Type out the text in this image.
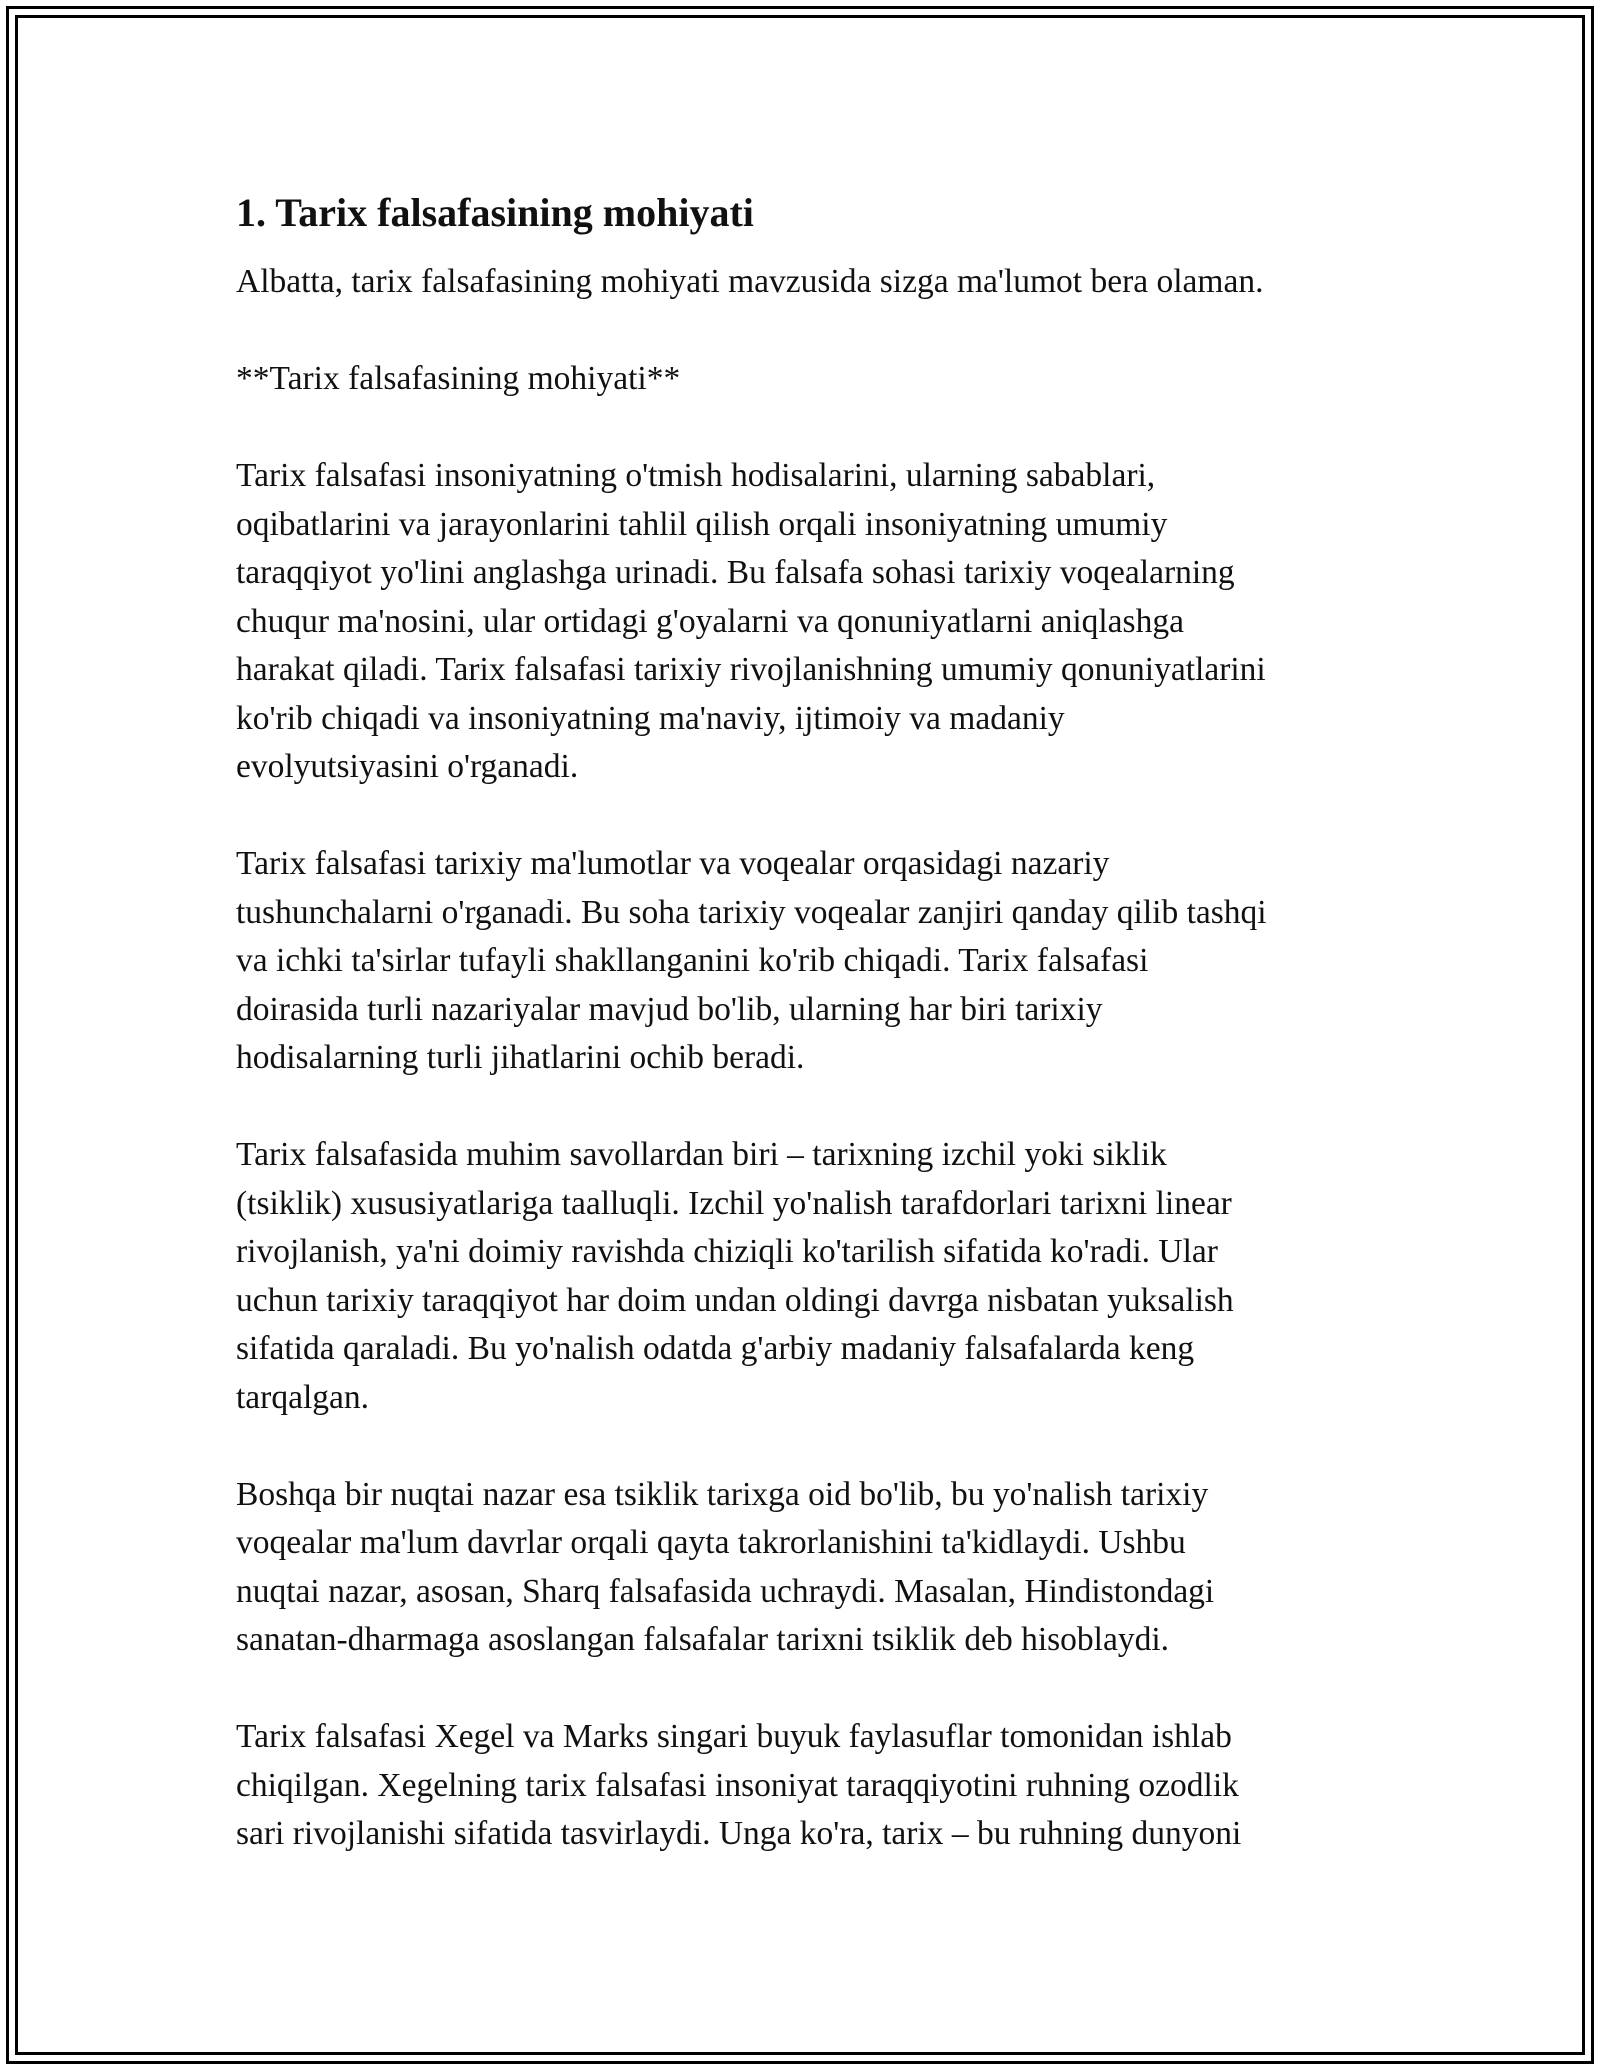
1. Tarix falsafasining mohiyati

Albatta, tarix falsafasining mohiyati mavzusida sizga ma'lumot bera olaman.

**Tarix falsafasining mohiyati**

Tarix falsafasi insoniyatning o'tmish hodisalarini, ularning sabablari,
oqibatlarini va jarayonlarini tahlil qilish orqali insoniyatning umumiy
taraqqiyot yo'lini anglashga urinadi. Bu falsafa sohasi tarixiy voqealarning
chuqur ma'nosini, ular ortidagi g'oyalarni va qonuniyatlarni aniqlashga
harakat qiladi. Tarix falsafasi tarixiy rivojlanishning umumiy qonuniyatlarini
ko'rib chiqadi va insoniyatning ma'naviy, ijtimoiy va madaniy
evolyutsiyasini o'rganadi.

Tarix falsafasi tarixiy ma'lumotlar va voqealar orqasidagi nazariy
tushunchalarni o'rganadi. Bu soha tarixiy voqealar zanjiri qanday qilib tashqi
va ichki ta'sirlar tufayli shakllanganini ko'rib chiqadi. Tarix falsafasi
doirasida turli nazariyalar mavjud bo'lib, ularning har biri tarixiy
hodisalarning turli jihatlarini ochib beradi.

Tarix falsafasida muhim savollardan biri – tarixning izchil yoki siklik
(tsiklik) xususiyatlariga taalluqli. Izchil yo'nalish tarafdorlari tarixni linear
rivojlanish, ya'ni doimiy ravishda chiziqli ko'tarilish sifatida ko'radi. Ular
uchun tarixiy taraqqiyot har doim undan oldingi davrga nisbatan yuksalish
sifatida qaraladi. Bu yo'nalish odatda g'arbiy madaniy falsafalarda keng
tarqalgan.

Boshqa bir nuqtai nazar esa tsiklik tarixga oid bo'lib, bu yo'nalish tarixiy
voqealar ma'lum davrlar orqali qayta takrorlanishini ta'kidlaydi. Ushbu
nuqtai nazar, asosan, Sharq falsafasida uchraydi. Masalan, Hindistondagi
sanatan-dharmaga asoslangan falsafalar tarixni tsiklik deb hisoblaydi.

Tarix falsafasi Xegel va Marks singari buyuk faylasuflar tomonidan ishlab
chiqilgan. Xegelning tarix falsafasi insoniyat taraqqiyotini ruhning ozodlik
sari rivojlanishi sifatida tasvirlaydi. Unga ko'ra, tarix – bu ruhning dunyoni
